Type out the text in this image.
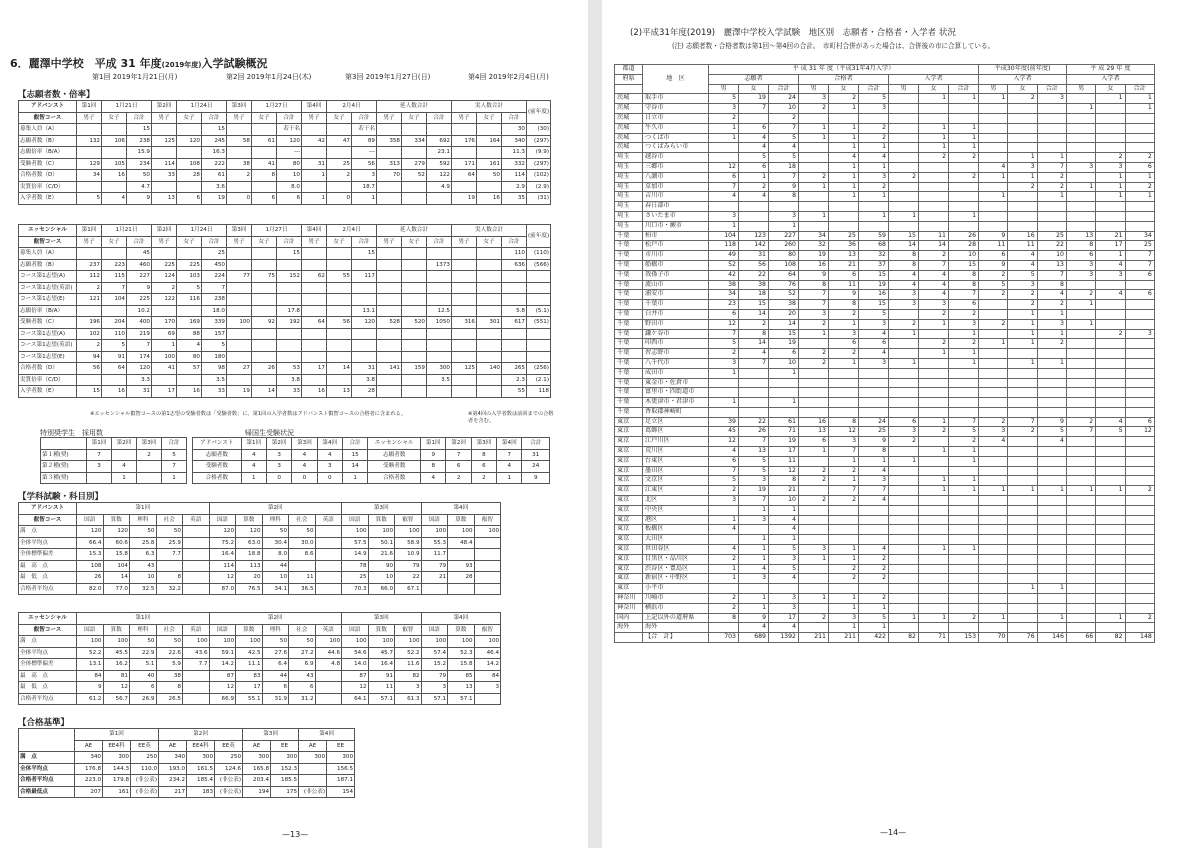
6．麗澤中学校　平成 31 年度(2019年度)入学試験概況
第1回 2019年1月21日(月)	第2回 2019年1月24日(木)	第3回 2019年1月27日(日)	第4回 2019年2月4日(月)
【志願者数・倍率】
アドバンスト	第1回	1月21日		第2回	1月24日		第3回	1月27日		第4回	2月4日		延人数合計			実人数合計			(前年度)
叡智コース	男子	女子	合計	男子	女子	合計	男子	女子	合計	男子	女子	合計	男子	女子	合計	男子	女子	合計	
募集人員（A）			15			15			若干名			若干名						30	(30)
志願者数（B）	132	106	238	125	120	245	58	61	120	42	47	89	358	334	692	176	164	340	(297)
志願倍率（B/A）			15.9			16.3			---			---			23.1			11.3	(9.9)
受験者数（C）	129	105	234	114	108	222	38	41	80	31	25	56	313	279	592	171	161	332	(297)
合格者数（D）	34	16	50	33	28	61	2	8	10	1	2	3	70	52	122	64	50	114	(102)
実質倍率（C/D）			4.7			3.6			8.0			18.7			4.9			2.9	(2.9)
入学者数（E）	5	4	9	13	6	19	0	6	6	1	0	1				19	16	35	(31)
エッセンシャル	第1回	1月21日		第2回	1月24日		第3回	1月27日		第4回	2月4日		延人数合計			実人数合計			(前年度)
叡智コース	男子	女子	合計	男子	女子	合計	男子	女子	合計	男子	女子	合計	男子	女子	合計	男子	女子	合計	
募集人員（A）			45			25			15			15						110	(110)
志願者数（B）	237	223	460	225	225	450									1373			636	(566)
コース第1志望(A)	112	115	227	124	103	224	77	75	152	62	55	117							
コース第1志望(英語)	2	7	9	2	5	7													
コース第1志望(E)	121	104	225	122	116	238													
志願倍率（B/A）			10.2			18.0			17.8			13.1			12.5			5.8	(5.1)
受験者数（C）	196	204	400	170	169	339	100	92	192	64	56	120	528	520	1050	316	301	617	(551)
コース第1志望(A)	102	110	219	69	88	157													
コース第1志望(英語)	2	5	7	1	4	5													
コース第1志望(E)	94	91	174	100	80	180													
合格者数（D）	56	64	120	41	57	98	27	26	53	17	14	31	141	159	300	125	140	265	(256)
実質倍率（C/D）			3.3			3.5			3.8			3.8			3.5			2.3	(2.1)
入学者数（E）	15	16	31	17	16	33	19	14	33	16	13	28						55	118
※エッセンシャル叡智コースの第1志望の受験者数は「受験者数」に、第1回の入学者数はアドバンスト叡智コースの合格者に含まれる。	※第4回の入学者数は前回までの合格者を含む。
特別奨学生　採用数
	第1回	第2回	第3回	合計
第１種(奨)	7		2	5
第２種(奨)	3	4		7
第３種(奨)		1		1
帰国生受験状況
アドバンスト	第1回	第2回	第3回	第4回	合計	エッセンシャル	第1回	第2回	第3回	第4回	合計
志願者数	4	3	4	4	15	志願者数	9	7	8	7	31
受験者数	4	3	4	3	14	受験者数	8	6	6	4	24
合格者数	1	0	0	0	1	合格者数	4	2	2	1	9
【学科試験・科目別】
アドバンスト	第1回					第2回					第3回			第4回		
叡智コース	国語	算数	理科	社会	英語	国語	算数	理科	社会	英語	国語	算数	叡智	国語	算数	叡智
満　点	120	120	50	50		120	120	50	50		100	100	100	100	100	100
全体平均点	66.4	60.6	25.8	25.9		75.2	63.0	30.4	30.0		57.5	50.1	58.9	55.3	48.4	
全体標準偏差	15.3	15.8	6.3	7.7		16.4	18.8	8.0	8.6		14.9	21.6	10.9	11.7		
最　高　点	108	104	43			114	113	44			78	90	79	79	93	
最　低　点	26	14	10	8		12	20	10	11		25	10	22	21	28	
合格者平均点	82.0	77.0	32.5	32.2		87.0	76.5	34.1	36.5		70.3	66.0	67.1			
エッセンシャル	第1回					第2回					第3回			第4回		
叡智コース	国語	算数	理科	社会	英語	国語	算数	理科	社会	英語	国語	算数	叡智	国語	算数	叡智
満　点	100	100	50	50	100	100	100	50	50	100	100	100	100	100	100	100
全体平均点	52.2	45.5	22.9	22.6	43.6	59.1	42.5	27.6	27.2	44.6	54.6	45.7	52.2	57.4	52.3	46.4
全体標準偏差	13.1	16.2	5.1	5.9	7.7	14.2	11.1	6.4	6.9	4.8	14.0	16.4	11.6	15.2	15.8	14.2
最　高　点	84	81	40	38		87	83	44	43		87	91	82	79	85	84
最　低　点	9	12	6	8		12	17	6	6		12	11	3	3	13	3
合格者平均点	61.2	56.7	26.9	26.5		66.9	55.1	31.9	31.2		64.1	57.1	61.3	57.1	57.1	
【合格基準】
	第1回			第2回			第3回		第4回	
	AE	EE4科	EE英	AE	EE4科	EE英	AE	EE	AE	EE
満　点	340	300	250	340	300	250	300	300	300	300
全体平均点	176.8	144.3	110.0	193.0	161.5	124.6	165.8	152.3		156.5
合格者平均点	223.0	179.8	(非公表)	234.2	185.4	(非公表)	203.4	185.5		187.1
合格最低点	207	161	(非公表)	217	183	(非公表)	194	175	(非公表)	154
—13—
(2)平成31年度(2019)　麗澤中学校入学試験　地区別　志願者・合格者・入学者 状況
(注) 志願者数・合格者数は第1回～第4回の合計。　市町村合併があった場合は、合併後の市に合算している。
都道	地　区	平 成 31 年 度（平成31年4月入学）									平成30年度(前年度)			平 成 29 年 度		
府県		志願者			合格者			入学者			入学者			入学者		
		男	女	合計	男	女	合計	男	女	合計	男	女	合計	男	女	合計
茨城	取手市	5	19	24	3	2	5		1	1	1	2	3		1	1
茨城	守谷市	3	7	10	2	1	3							1		1
茨城	日立市	2		2												
茨城	牛久市	1	6	7	1	1	2		1	1						
茨城	つくば市	1	4	5	1	1	2		1	1						
茨城	つくばみらい市		4	4		1	1		1	1						
埼玉	越谷市		5	5		4	4		2	2		1	1		2	2
埼玉	三郷市	12	6	18		1	1				4	3	7	3	3	6
埼玉	八潮市	6	1	7	2	1	3	2		2	1	1	2		1	1
埼玉	草加市	7	2	9	1	1	2					2	2	1	1	2
埼玉	吉川市	4	4	8		1	1				1		1		1	1
埼玉	春日部市															
埼玉	さいたま市	3		3	1		1	1		1						
埼玉	川口市・蕨市	1		1												
千葉	柏市	104	123	227	34	25	59	15	11	26	9	16	25	13	21	34
千葉	松戸市	118	142	260	32	36	68	14	14	28	11	11	22	8	17	25
千葉	市川市	49	31	80	19	13	32	8	2	10	6	4	10	6	1	7
千葉	船橋市	52	56	108	16	21	37	8	7	15	9	4	13	3	4	7
千葉	我孫子市	42	22	64	9	6	15	4	4	8	2	5	7	3	3	6
千葉	流山市	38	38	76	8	11	19	4	4	8	5	3	8			
千葉	浦安市	34	18	52	7	9	16	3	4	7	2	2	4	2	4	6
千葉	千葉市	23	15	38	7	8	15	3	3	6		2	2	1		
千葉	白井市	6	14	20	3	2	5		2	2		1	1			
千葉	野田市	12	2	14	2	1	3	2	1	3	2	1	3	1		
千葉	鎌ケ谷市	7	8	15	1	3	4	1		1		1	1		2	3
千葉	印西市	5	14	19		6	6		2	2	1	1	2			
千葉	習志野市	2	4	6	2	2	4		1	1						
千葉	八千代市	3	7	10	2	1	3	1		1		1	1			
千葉	成田市	1		1												
千葉	東金市・佐倉市															
千葉	富里市・四街道市															
千葉	木更津市・君津市	1		1												
千葉	香取郡神崎町															
東京	足立区	39	22	61	16	8	24	6	1	7	2	7	9	2	4	6
東京	葛飾区	45	26	71	13	12	25	3	2	5	3	2	5	7	5	12
東京	江戸川区	12	7	19	6	3	9	2		2	4		4			
東京	荒川区	4	13	17	1	7	8		1	1						
東京	台東区	6	5	11		1	1	1		1						
東京	墨田区	7	5	12	2	2	4									
東京	文京区	5	3	8	2	1	3		1	1						
東京	江東区	2	19	21		7	7		1	1	1	1	1	1	1	2
東京	北区	3	7	10	2	2	4									
東京	中央区		1	1												
東京	港区	1	3	4												
東京	板橋区	4		4												
東京	大田区		1	1												
東京	世田谷区	4	1	5	3	1	4		1	1						
東京	目黒区・品川区	2	1	3	1	1	2									
東京	渋谷区・豊島区	1	4	5		2	2									
東京	新宿区・中野区	1	3	4		2	2									
東京	小平市											1	1			
神奈川	川崎市	2	1	3	1	1	2									
神奈川	横浜市	2	1	3		1	1									
国内	上記以外の道府県	8	9	17	2	3	5	1	1	2	1		1		1	2
海外	海外		4	4		1	1									
	【合　計】	703	689	1392	211	211	422	82	71	153	70	76	146	66	82	148
—14—
